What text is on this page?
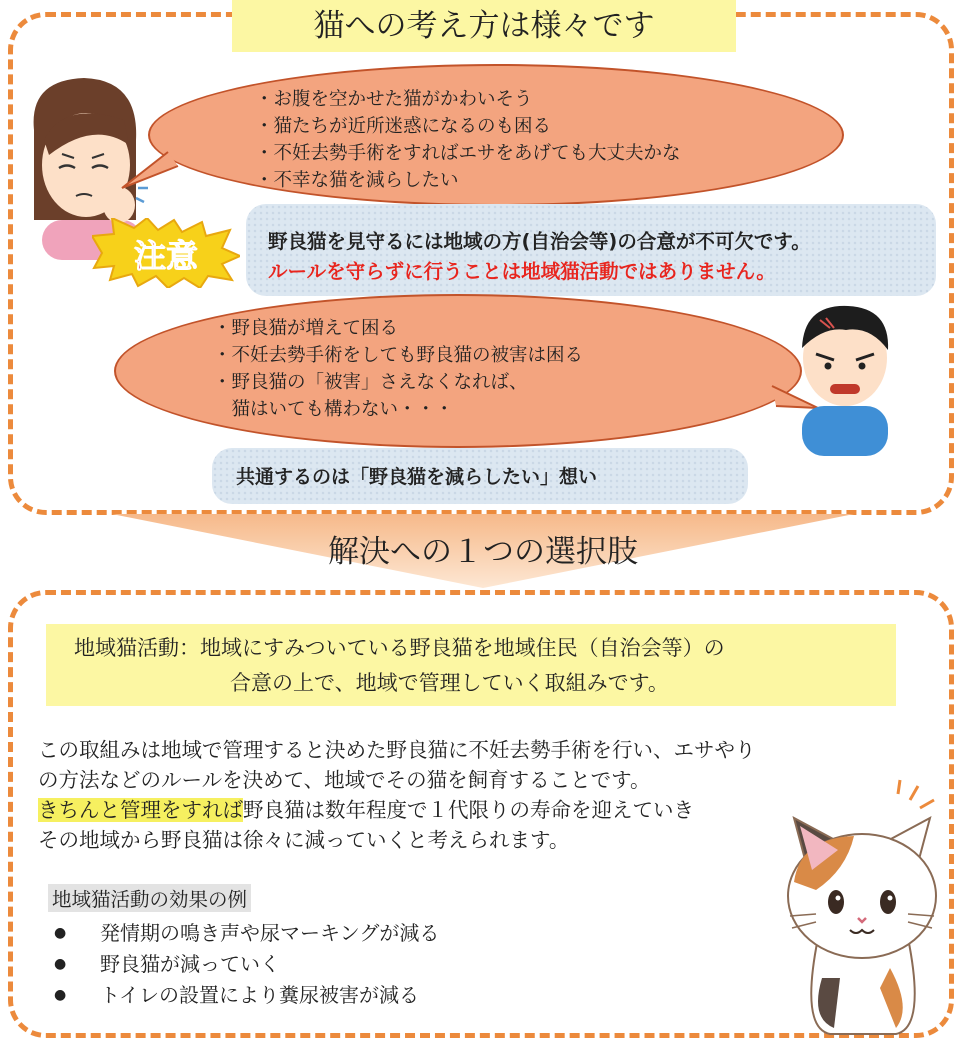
猫への考え方は様々です
・お腹を空かせた猫がかわいそう
・猫たちが近所迷惑になるのも困る
・不妊去勢手術をすればエサをあげても大丈夫かな
・不幸な猫を減らしたい
注意	野良猫を見守るには地域の方(自治会等)の合意が不可欠です。
ルールを守らずに行うことは地域猫活動ではありません。
・野良猫が増えて困る
・不妊去勢手術をしても野良猫の被害は困る
・野良猫の「被害」さえなくなれば、
　猫はいても構わない・・・
共通するのは「野良猫を減らしたい」想い
解決への１つの選択肢
地域猫活動：地域にすみついている野良猫を地域住民（自治会等）の
合意の上で、地域で管理していく取組みです。
この取組みは地域で管理すると決めた野良猫に不妊去勢手術を行い、エサやり
の方法などのルールを決めて、地域でその猫を飼育することです。
きちんと管理をすれば野良猫は数年程度で１代限りの寿命を迎えていき
その地域から野良猫は徐々に減っていくと考えられます。
地域猫活動の効果の例
● 発情期の鳴き声や尿マーキングが減る
● 野良猫が減っていく
● トイレの設置により糞尿被害が減る
